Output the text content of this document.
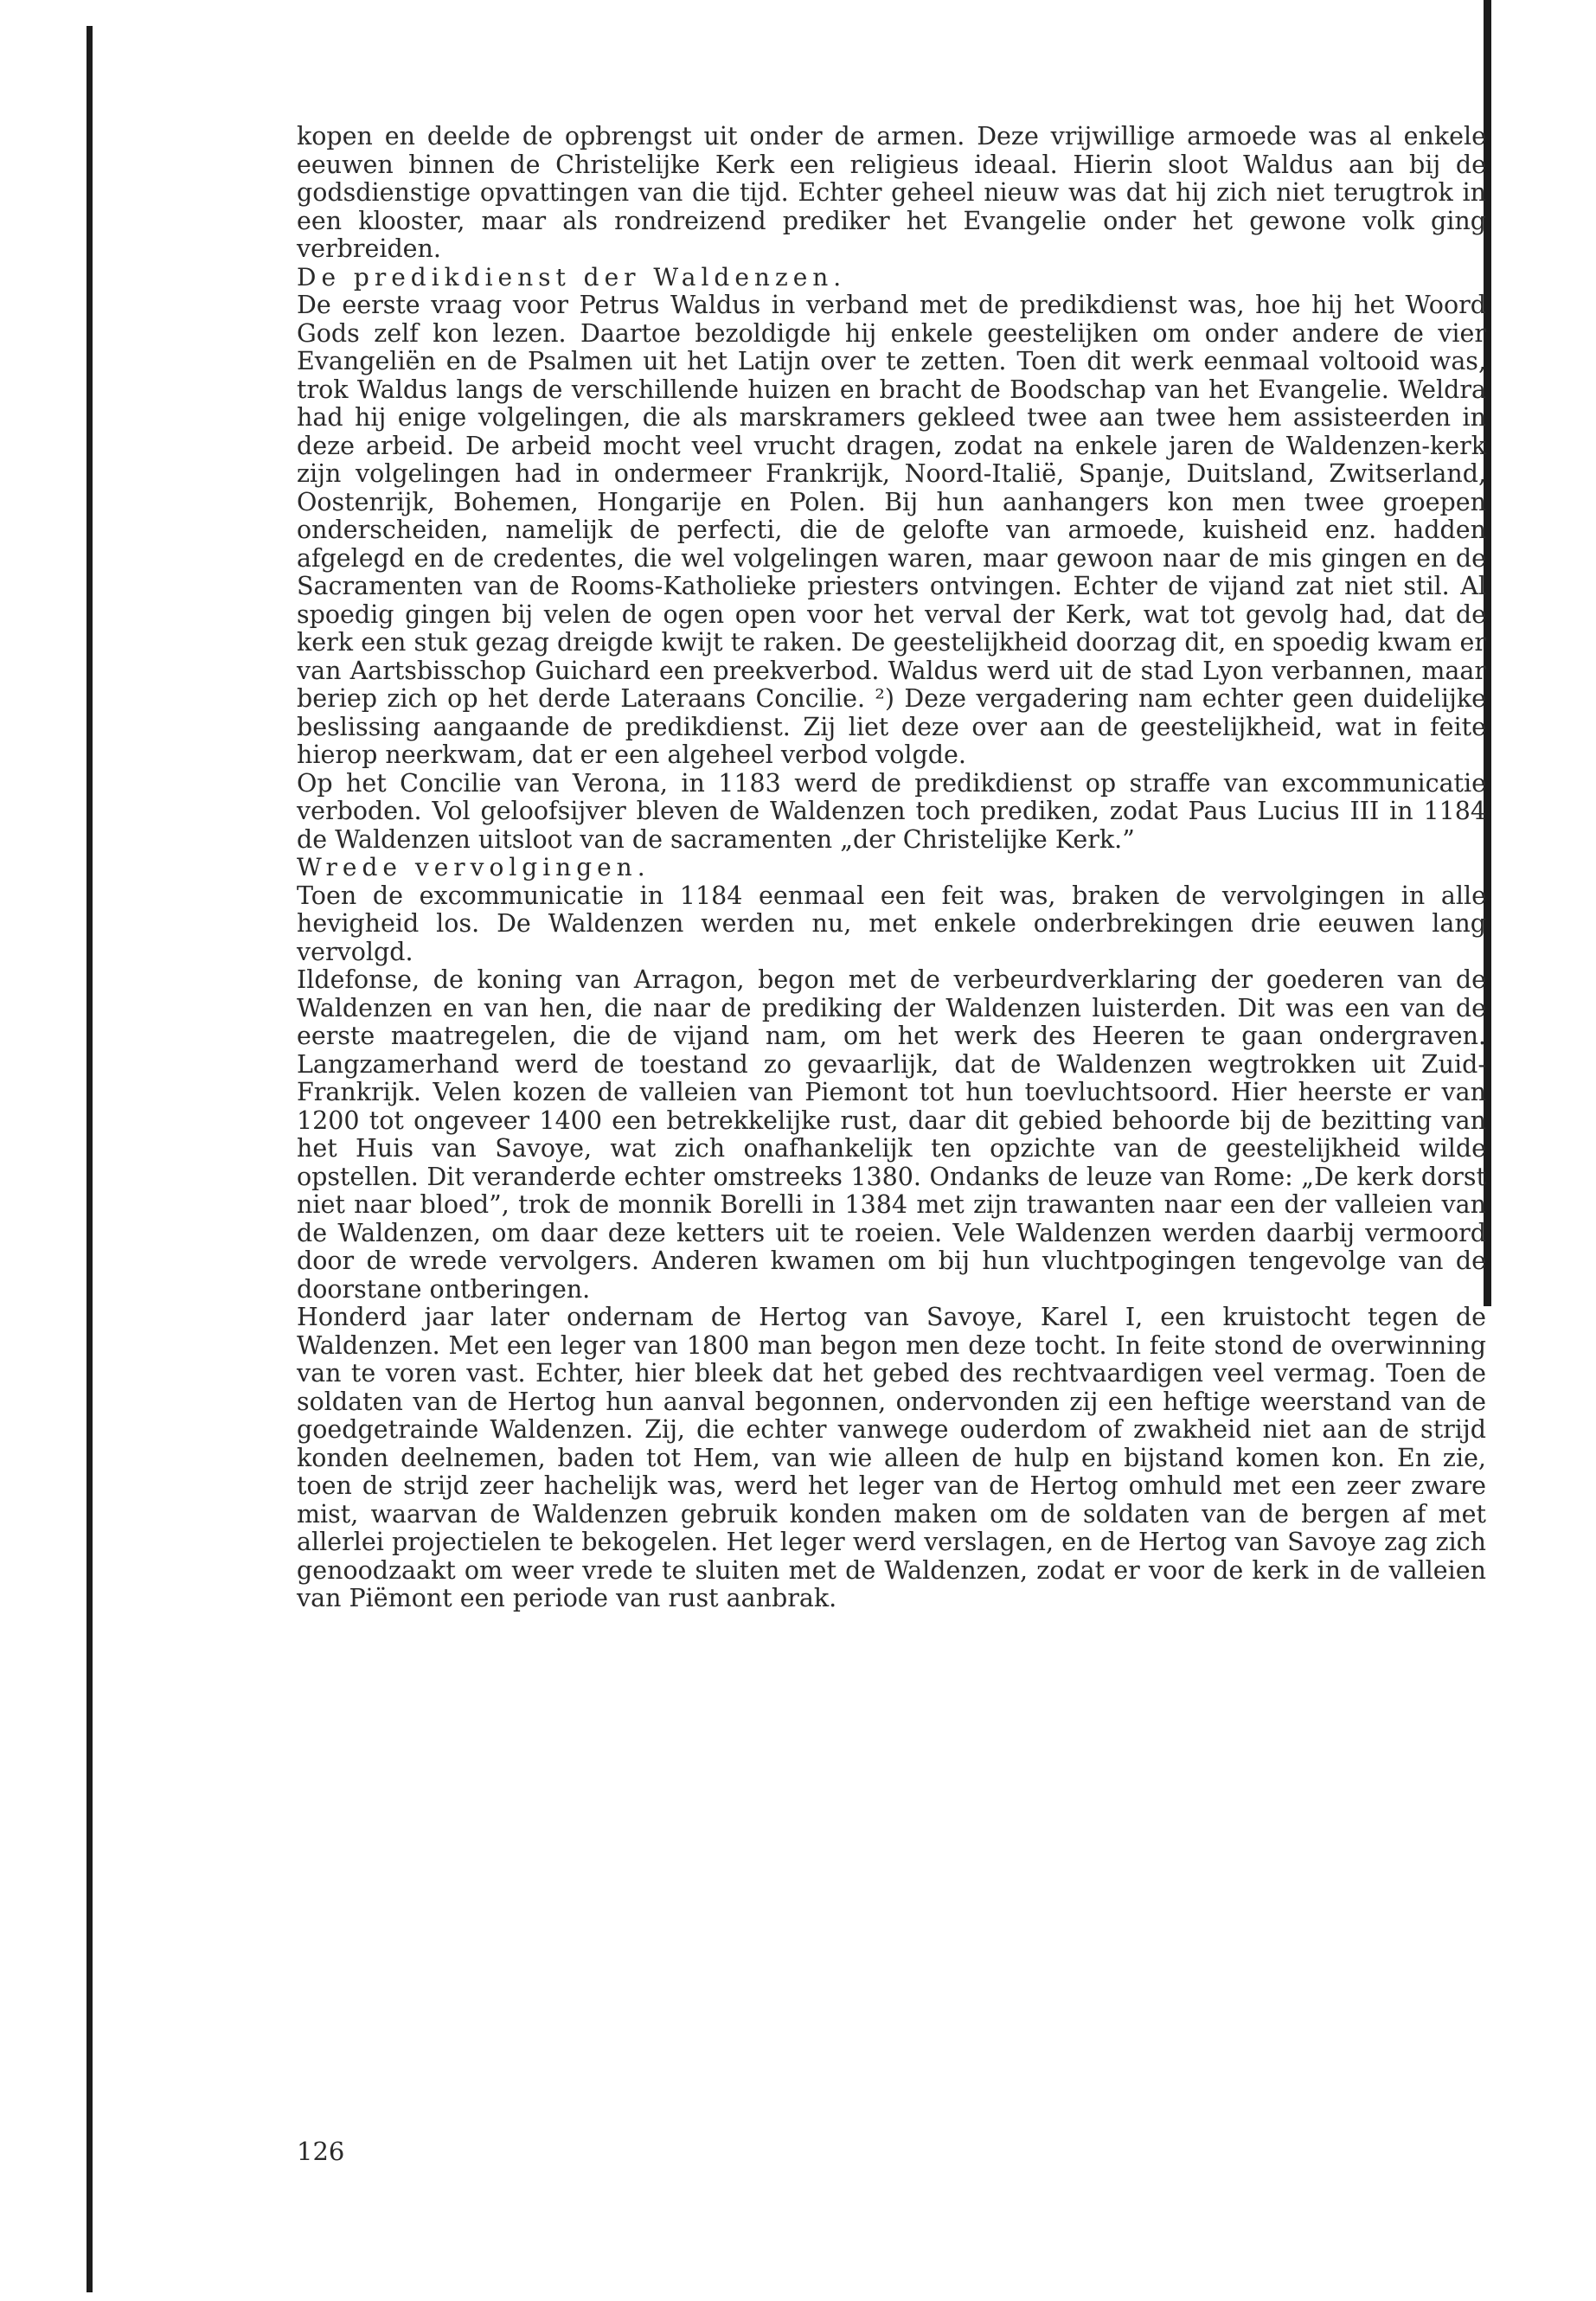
kopen en deelde de opbrengst uit onder de armen. Deze vrijwillige armoede was al enkele eeuwen binnen de Christelijke Kerk een religieus ideaal. Hierin sloot Waldus aan bij de godsdienstige opvattingen van die tijd. Echter geheel nieuw was dat hij zich niet terugtrok in een klooster, maar als rondreizend prediker het Evangelie onder het gewone volk ging verbreiden.

De predikdienst der Waldenzen.

De eerste vraag voor Petrus Waldus in verband met de predikdienst was, hoe hij het Woord Gods zelf kon lezen. Daartoe bezoldigde hij enkele geestelijken om onder andere de vier Evangeliën en de Psalmen uit het Latijn over te zetten. Toen dit werk eenmaal voltooid was, trok Waldus langs de verschillende huizen en bracht de Boodschap van het Evangelie. Weldra had hij enige volgelingen, die als marskramers gekleed twee aan twee hem assisteerden in deze arbeid. De arbeid mocht veel vrucht dragen, zodat na enkele jaren de Waldenzen-kerk zijn volgelingen had in ondermeer Frankrijk, Noord-Italië, Spanje, Duitsland, Zwitserland, Oostenrijk, Bohemen, Hongarije en Polen. Bij hun aanhangers kon men twee groepen onderscheiden, namelijk de perfecti, die de gelofte van armoede, kuisheid enz. hadden afgelegd en de credentes, die wel volgelingen waren, maar gewoon naar de mis gingen en de Sacramenten van de Rooms-Katholieke priesters ontvingen. Echter de vijand zat niet stil. Al spoedig gingen bij velen de ogen open voor het verval der Kerk, wat tot gevolg had, dat de kerk een stuk gezag dreigde kwijt te raken. De geestelijkheid doorzag dit, en spoedig kwam er van Aartsbisschop Guichard een preekverbod. Waldus werd uit de stad Lyon verbannen, maar beriep zich op het derde Lateraans Concilie. ²) Deze vergadering nam echter geen duidelijke beslissing aangaande de predikdienst. Zij liet deze over aan de geestelijkheid, wat in feite hierop neerkwam, dat er een algeheel verbod volgde.

Op het Concilie van Verona, in 1183 werd de predikdienst op straffe van excommunicatie verboden. Vol geloofsijver bleven de Waldenzen toch prediken, zodat Paus Lucius III in 1184 de Waldenzen uitsloot van de sacramenten „der Christelijke Kerk.”

Wrede vervolgingen.

Toen de excommunicatie in 1184 eenmaal een feit was, braken de vervolgingen in alle hevigheid los. De Waldenzen werden nu, met enkele onderbrekingen drie eeuwen lang vervolgd.

Ildefonse, de koning van Arragon, begon met de verbeurdverklaring der goederen van de Waldenzen en van hen, die naar de prediking der Waldenzen luisterden. Dit was een van de eerste maatregelen, die de vijand nam, om het werk des Heeren te gaan ondergraven. Langzamerhand werd de toestand zo gevaarlijk, dat de Waldenzen wegtrokken uit Zuid-Frankrijk. Velen kozen de valleien van Piemont tot hun toevluchtsoord. Hier heerste er van 1200 tot ongeveer 1400 een betrekkelijke rust, daar dit gebied behoorde bij de bezitting van het Huis van Savoye, wat zich onafhankelijk ten opzichte van de geestelijkheid wilde opstellen. Dit veranderde echter omstreeks 1380. Ondanks de leuze van Rome: „De kerk dorst niet naar bloed”, trok de monnik Borelli in 1384 met zijn trawanten naar een der valleien van de Waldenzen, om daar deze ketters uit te roeien. Vele Waldenzen werden daarbij vermoord door de wrede vervolgers. Anderen kwamen om bij hun vluchtpogingen tengevolge van de doorstane ontberingen.

Honderd jaar later ondernam de Hertog van Savoye, Karel I, een kruistocht tegen de Waldenzen. Met een leger van 1800 man begon men deze tocht. In feite stond de overwinning van te voren vast. Echter, hier bleek dat het gebed des rechtvaardigen veel vermag. Toen de soldaten van de Hertog hun aanval begonnen, ondervonden zij een heftige weerstand van de goedgetrainde Waldenzen. Zij, die echter vanwege ouderdom of zwakheid niet aan de strijd konden deelnemen, baden tot Hem, van wie alleen de hulp en bijstand komen kon. En zie, toen de strijd zeer hachelijk was, werd het leger van de Hertog omhuld met een zeer zware mist, waarvan de Waldenzen gebruik konden maken om de soldaten van de bergen af met allerlei projectielen te bekogelen. Het leger werd verslagen, en de Hertog van Savoye zag zich genoodzaakt om weer vrede te sluiten met de Waldenzen, zodat er voor de kerk in de valleien van Piëmont een periode van rust aanbrak.

126
